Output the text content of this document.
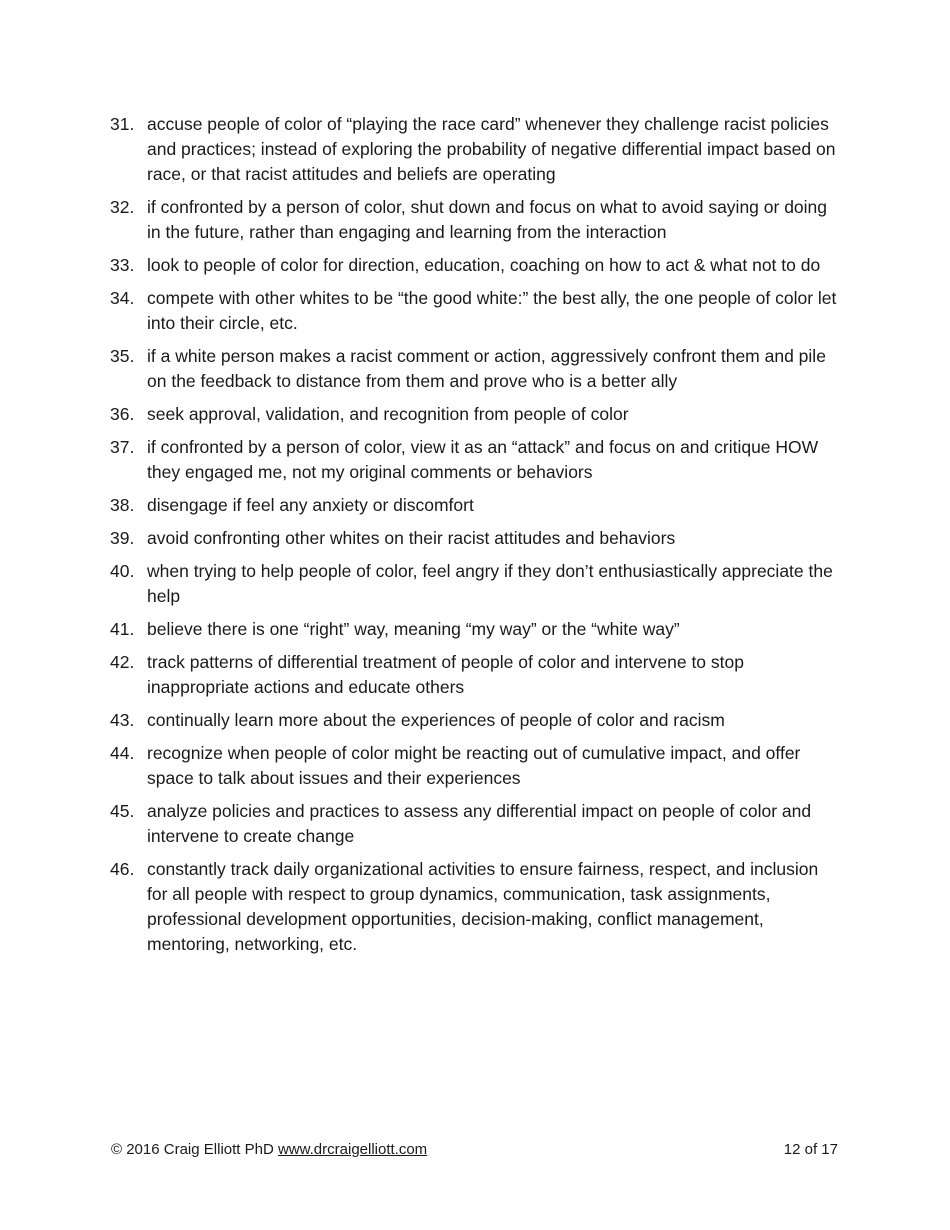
31. accuse people of color of “playing the race card” whenever they challenge racist policies and practices; instead of exploring the probability of negative differential impact based on race, or that racist attitudes and beliefs are operating
32. if confronted by a person of color, shut down and focus on what to avoid saying or doing in the future, rather than engaging and learning from the interaction
33. look to people of color for direction, education, coaching on how to act & what not to do
34. compete with other whites to be “the good white:” the best ally, the one people of color let into their circle, etc.
35. if a white person makes a racist comment or action, aggressively confront them and pile on the feedback to distance from them and prove who is a better ally
36. seek approval, validation, and recognition from people of color
37. if confronted by a person of color, view it as an “attack” and focus on and critique HOW they engaged me, not my original comments or behaviors
38. disengage if feel any anxiety or discomfort
39. avoid confronting other whites on their racist attitudes and behaviors
40. when trying to help people of color, feel angry if they don’t enthusiastically appreciate the help
41. believe there is one “right” way, meaning “my way” or the “white way”
42. track patterns of differential treatment of people of color and intervene to stop inappropriate actions and educate others
43. continually learn more about the experiences of people of color and racism
44. recognize when people of color might be reacting out of cumulative impact, and offer space to talk about issues and their experiences
45. analyze policies and practices to assess any differential impact on people of color and intervene to create change
46. constantly track daily organizational activities to ensure fairness, respect, and inclusion for all people with respect to group dynamics, communication, task assignments, professional development opportunities, decision-making, conflict management, mentoring, networking, etc.
© 2016 Craig Elliott PhD www.drcraigelliott.com	12 of 17
